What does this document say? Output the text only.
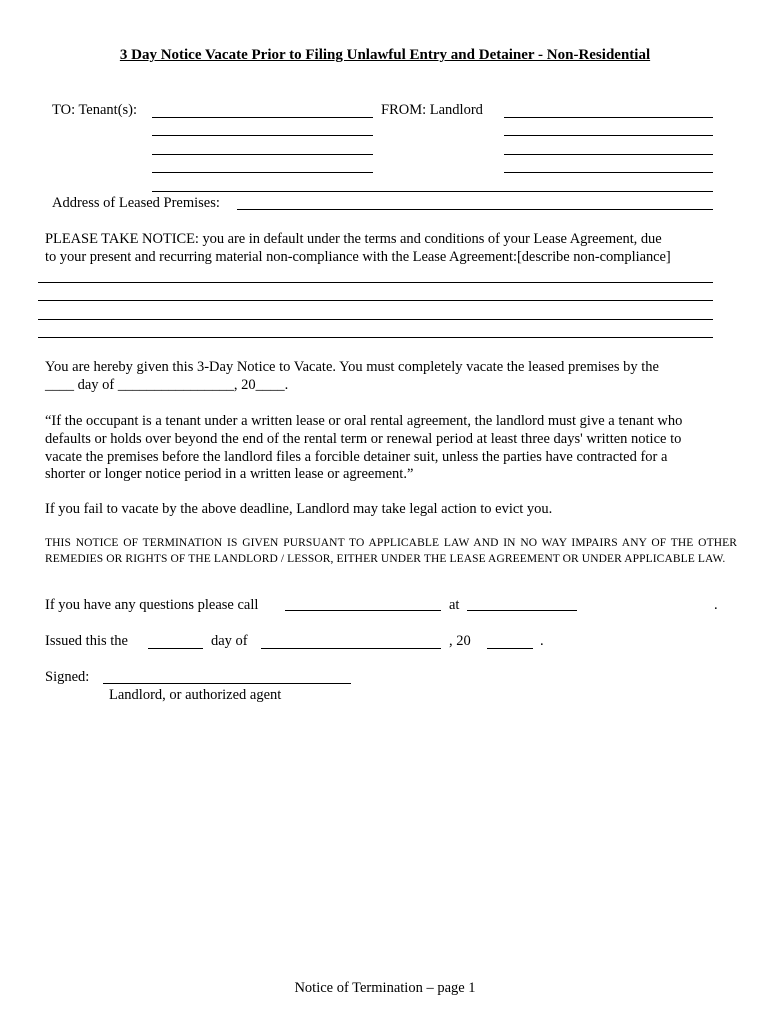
3 Day Notice Vacate Prior to Filing Unlawful Entry and Detainer - Non-Residential
TO: Tenant(s):	FROM: Landlord
Address of Leased Premises:
PLEASE TAKE NOTICE: you are in default under the terms and conditions of your Lease Agreement, due
to your present and recurring material non-compliance with the Lease Agreement:[describe non-compliance]
You are hereby given this 3-Day Notice to Vacate. You must completely vacate the leased premises by the
____ day of ________________, 20____.
“If the occupant is a tenant under a written lease or oral rental agreement, the landlord must give a tenant who
defaults or holds over beyond the end of the rental term or renewal period at least three days' written notice to
vacate the premises before the landlord files a forcible detainer suit, unless the parties have contracted for a
shorter or longer notice period in a written lease or agreement.”
If you fail to vacate by the above deadline, Landlord may take legal action to evict you.
THIS NOTICE OF TERMINATION IS GIVEN PURSUANT TO APPLICABLE LAW AND IN NO WAY IMPAIRS ANY OF THE OTHER REMEDIES OR RIGHTS OF THE LANDLORD / LESSOR, EITHER UNDER THE LEASE AGREEMENT OR UNDER APPLICABLE LAW.
If you have any questions please call	at	.
Issued this the	day of	, 20	.
Signed:
Landlord, or authorized agent
Notice of Termination – page 1
